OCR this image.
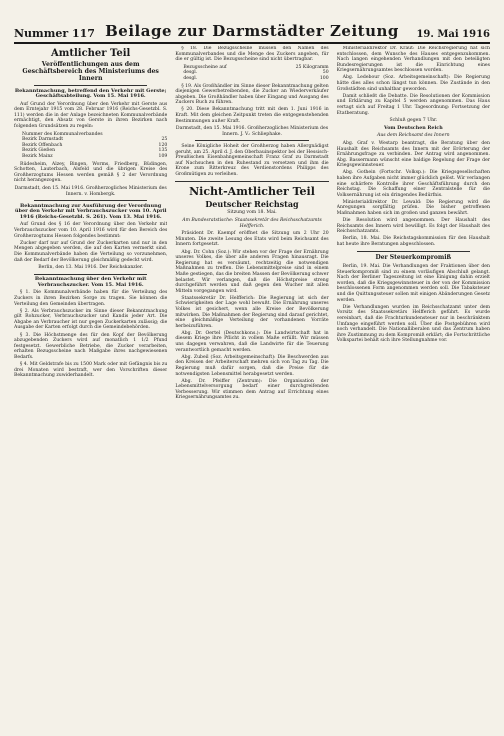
Nummer 117 Beilage zur Darmstädter Zeitung	19. Mai 1916
Amtlicher Teil
Veröffentlichungen aus dem Geschäftsbereich des Ministeriums des Innern
Bekanntmachung, betreffend den Verkehr mit Gerste; Geschäftsabteilung. Vom 15. Mai 1916.

Auf Grund der Verordnung über den Verkehr mit Gerste aus dem Erntejahr 1915 vom 28. Februar 1916 (Reichs-Gesetzbl. S. 111) werden die in der Anlage bezeichneten Kommunalverbände ermächtigt, den Absatz von Gerste in ihren Bezirken nach folgenden Grundsätzen zu regeln:

Nummer des Kommunalverbandes
Bezirk Darmstadt	25
Bezirk Offenbach	120
Bezirk Gießen	135
Bezirk Mainz	109

Rüdesheim, Alzey, Bingen, Worms, Friedberg, Büdingen, Schotten, Lauterbach, Alsfeld und die übrigen Kreise des Großherzogtums Hessen werden gemäß § 2 der Verordnung nicht herangezogen.

Darmstadt, den 15. Mai 1916. Großherzogliches Ministerium des Innern. v. Hombergk.
Bekanntmachung zur Ausführung der Verordnung über den Verkehr mit Verbrauchszucker vom 10. April 1916 (Reichs-Gesetzbl. S. 261). Vom 13. Mai 1916.

Auf Grund des § 16 der Verordnung über den Verkehr mit Verbrauchszucker vom 10. April 1916 wird für den Bereich des Großherzogtums Hessen folgendes bestimmt:

Zucker darf nur auf Grund der Zuckerkarten und nur in den Mengen abgegeben werden, die auf den Karten vermerkt sind. Die Kommunalverbände haben die Verteilung so vorzunehmen, daß der Bedarf der Bevölkerung gleichmäßig gedeckt wird.

Berlin, den 13. Mai 1916. Der Reichskanzler.
Bekanntmachung über den Verkehr mit Verbrauchszucker. Vom 15. Mai 1916.

§ 1. Die Kommunalverbände haben für die Verteilung des Zuckers in ihren Bezirken Sorge zu tragen. Sie können die Verteilung den Gemeinden übertragen.

§ 2. Als Verbrauchszucker im Sinne dieser Bekanntmachung gilt Rohzucker, Verbrauchszucker und Kandis jeder Art. Die Abgabe an Verbraucher ist nur gegen Zuckerkarten zulässig; die Ausgabe der Karten erfolgt durch die Gemeindebehörden.

§ 3. Die Höchstmenge des für den Kopf der Bevölkerung abzugebenden Zuckers wird auf monatlich 1 1/2 Pfund festgesetzt. Gewerbliche Betriebe, die Zucker verarbeiten, erhalten Bezugsscheine nach Maßgabe ihres nachgewiesenen Bedarfs.

§ 4. Mit Geldstrafe bis zu 1500 Mark oder mit Gefängnis bis zu drei Monaten wird bestraft, wer den Vorschriften dieser Bekanntmachung zuwiderhandelt.

§ 18. Die Bezugsscheine müssen den Namen des Kommunalverbandes und die Menge des Zuckers angeben, für die er gültig ist. Die Bezugsscheine sind nicht übertragbar.

Bezugsscheine auf	25 Kilogramm
desgl.	50
desgl.	100

§ 19. Als Großhändler im Sinne dieser Bekanntmachung gelten diejenigen Gewerbetreibenden, die Zucker an Wiederverkäufer abgeben. Die Großhändler haben über Eingang und Ausgang des Zuckers Buch zu führen.

§ 20. Diese Bekanntmachung tritt mit dem 1. Juni 1916 in Kraft. Mit dem gleichen Zeitpunkt treten die entgegenstehenden Bestimmungen außer Kraft.

Darmstadt, den 15. Mai 1916. Großherzogliches Ministerium des Innern. J. V.: Schliephake.

Seine Königliche Hoheit der Großherzog haben Allergnädigst geruht, am 25. April d. J. den Oberbauinspektor bei der Hessisch-Preußischen Eisenbahngemeinschaft Franz Graf zu Darmstadt auf Nachsuchen in den Ruhestand zu versetzen und ihm die Krone zum Ritterkreuz des Verdienstordens Philipps des Großmütigen zu verleihen.

Nicht-Amtlicher Teil
Deutscher Reichstag
Sitzung vom 18. Mai.
Am Bundesratstische: Staatssekretär des Reichsschatzamts Helfferich.

Präsident Dr. Kaempf eröffnet die Sitzung um 2 Uhr 20 Minuten. Die zweite Lesung des Etats wird beim Reichsamt des Innern fortgesetzt.

Abg. Dr. Cohn (Soz.): Wir stehen vor der Frage der Ernährung unseres Volkes, die über alle anderen Fragen hinausragt. Die Regierung hat es versäumt, rechtzeitig die notwendigen Maßnahmen zu treffen. Die Lebensmittelpreise sind in einem Maße gestiegen, das die breiten Massen der Bevölkerung schwer belastet. Wir verlangen, daß die Höchstpreise streng durchgeführt werden und daß gegen den Wucher mit allen Mitteln vorgegangen wird.

Staatssekretär Dr. Helfferich: Die Regierung ist sich der Schwierigkeiten der Lage wohl bewußt. Die Ernährung unseres Volkes ist gesichert, wenn alle Kreise der Bevölkerung mitwirken. Die Maßnahmen der Regierung sind darauf gerichtet, eine gleichmäßige Verteilung der vorhandenen Vorräte herbeizuführen.

Abg. Dr. Oertel (Deutschkons.): Die Landwirtschaft hat in diesem Kriege ihre Pflicht in vollem Maße erfüllt. Wir müssen uns dagegen verwahren, daß die Landwirte für die Teuerung verantwortlich gemacht werden.

Abg. Zubeil (Soz. Arbeitsgemeinschaft): Die Beschwerden aus den Kreisen der Arbeiterschaft mehren sich von Tag zu Tag. Die Regierung muß dafür sorgen, daß die Preise für die notwendigsten Lebensmittel herabgesetzt werden.

Abg. Dr. Pfeiffer (Zentrum): Die Organisation der Lebensmittelversorgung bedarf einer durchgreifenden Verbesserung. Wir stimmen dem Antrag auf Errichtung eines Kriegsernährungsamtes zu.

Ministerialdirektor Dr. Kraut: Die Reichsregierung hat sich entschlossen, dem Wunsche des Hauses entgegenzukommen. Nach langen eingehenden Verhandlungen mit den beteiligten Bundesregierungen ist die Einrichtung eines Kriegsernährungsamtes beschlossen worden.

Abg. Ledebour (Soz. Arbeitsgemeinschaft): Die Regierung hätte dies alles schon längst tun können. Die Zustände in den Großstädten sind unhaltbar geworden.

Damit schließt die Debatte. Die Resolutionen der Kommission und Erklärung zu Kapitel 5 werden angenommen. Das Haus vertagt sich auf Freitag 1 Uhr. Tagesordnung: Fortsetzung der Etatberatung.

Schluß gegen 7 Uhr.
Vom Deutschen Reich
Aus dem Reichsamt des Innern

Abg. Graf v. Westarp beantragt, die Beratung über den Haushalt des Reichsamts des Innern mit der Erörterung der Ernährungsfrage zu verbinden. Der Antrag wird angenommen. Abg. Bassermann wünscht eine baldige Regelung der Frage der Kriegsgewinnsteuer.

Abg. Gothein (Fortschr. Volksp.): Die Kriegsgesellschaften haben ihre Aufgaben nicht immer glücklich gelöst. Wir verlangen eine schärfere Kontrolle ihrer Geschäftsführung durch den Reichstag. Die Schaffung einer Zentralstelle für die Volksernährung ist ein dringendes Bedürfnis.

Ministerialdirektor Dr. Lewald: Die Regierung wird die Anregungen sorgfältig prüfen. Die bisher getroffenen Maßnahmen haben sich im großen und ganzen bewährt.

Die Resolution wird angenommen. Der Haushalt des Reichsamts des Innern wird bewilligt. Es folgt der Haushalt des Reichsschatzamts.

Berlin, 18. Mai. Die Reichstagskommission für den Haushalt hat heute ihre Beratungen abgeschlossen.

Der Steuerkompromiß

Berlin, 19. Mai. Die Verhandlungen der Fraktionen über den Steuerkompromiß sind zu einem vorläufigen Abschluß gelangt. Nach der Berliner Tageszeitung ist eine Einigung dahin erzielt worden, daß die Kriegsgewinnsteuer in der von der Kommission beschlossenen Form angenommen werden soll. Die Tabaksteuer und die Quittungssteuer sollen mit einigen Abänderungen Gesetz werden.

Die Verhandlungen wurden im Reichsschatzamt unter dem Vorsitz des Staatssekretärs Helfferich geführt. Es wurde vereinbart, daß die Frachturkundensteuer nur in beschränktem Umfange eingeführt werden soll. Über die Postgebühren wird noch verhandelt. Die Nationalliberalen und das Zentrum haben ihre Zustimmung zu dem Kompromiß erklärt; die Fortschrittliche Volkspartei behält sich ihre Stellungnahme vor.
